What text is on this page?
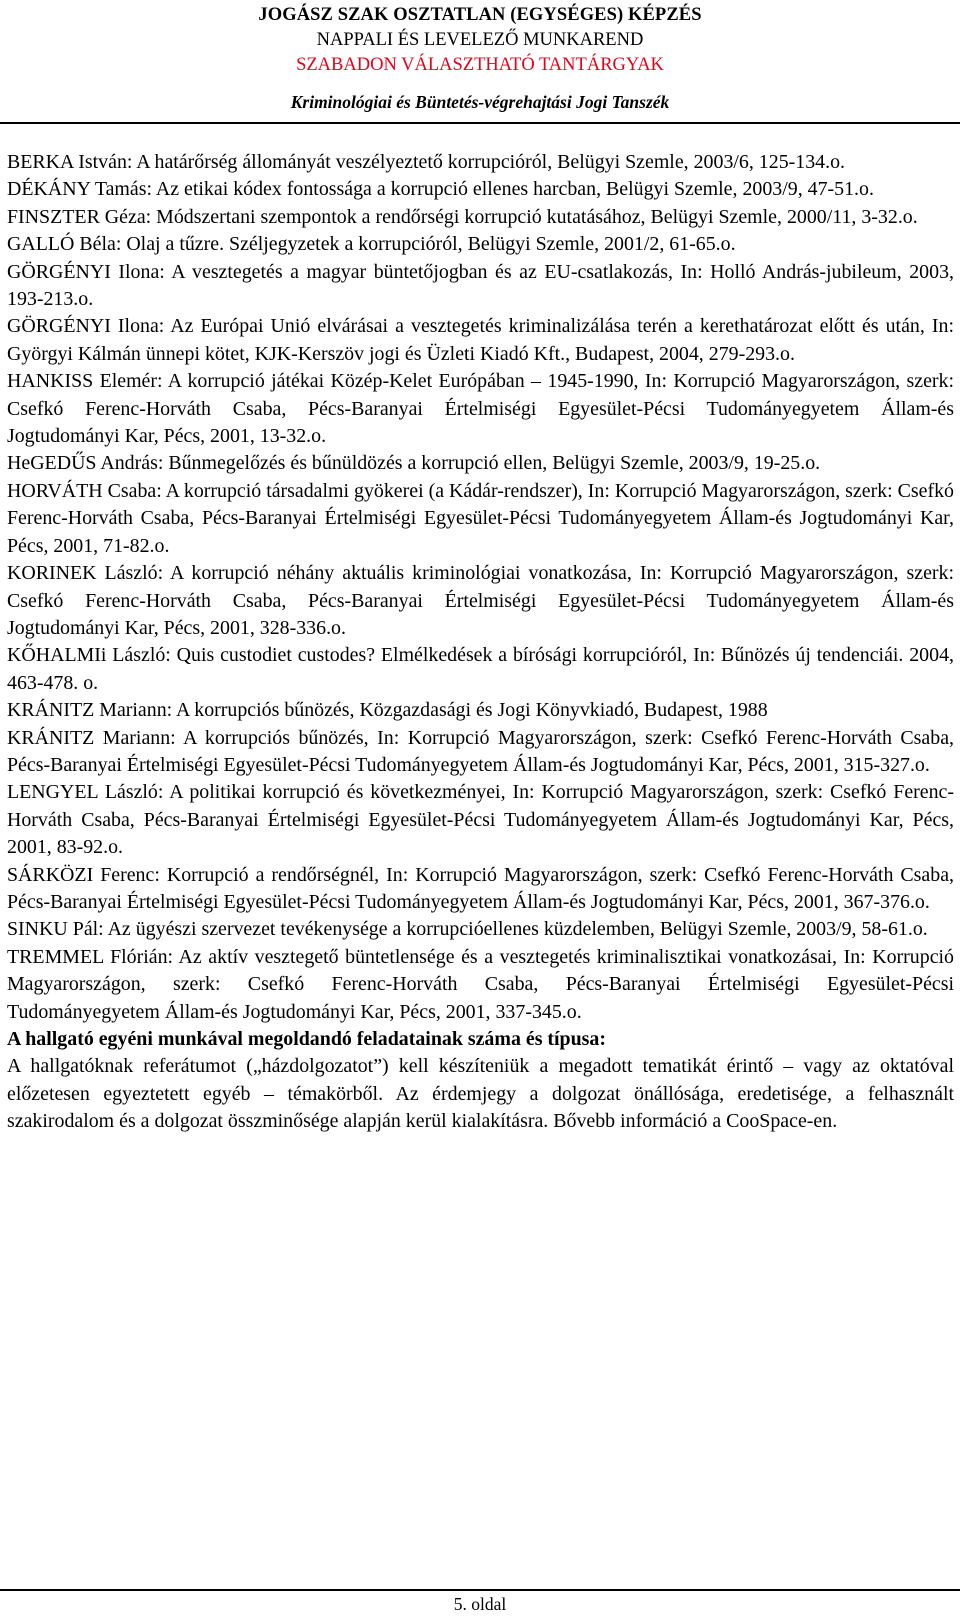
JOGÁSZ SZAK OSZTATLAN (EGYSÉGES) KÉPZÉS
NAPPALI ÉS LEVELEZŐ MUNKAREND
SZABADON VÁLASZTHATÓ TANTÁRGYAK
Kriminológiai és Büntetés-végrehajtási Jogi Tanszék

BERKA István: A határőrség állományát veszélyeztető korrupcióról, Belügyi Szemle, 2003/6, 125-134.o.

DÉKÁNY Tamás: Az etikai kódex fontossága a korrupció ellenes harcban, Belügyi Szemle, 2003/9, 47-51.o.

FINSZTER Géza: Módszertani szempontok a rendőrségi korrupció kutatásához, Belügyi Szemle, 2000/11, 3-32.o.

GALLÓ Béla: Olaj a tűzre. Széljegyzetek a korrupcióról, Belügyi Szemle, 2001/2, 61-65.o.

GÖRGÉNYI Ilona: A vesztegetés a magyar büntetőjogban és az EU-csatlakozás, In: Holló András-jubileum, 2003, 193-213.o.

GÖRGÉNYI Ilona: Az Európai Unió elvárásai a vesztegetés kriminalizálása terén a kerethatározat előtt és után, In: Györgyi Kálmán ünnepi kötet, KJK-Kerszöv jogi és Üzleti Kiadó Kft., Budapest, 2004, 279-293.o.

HANKISS Elemér: A korrupció játékai Közép-Kelet Európában – 1945-1990, In: Korrupció Magyarországon, szerk: Csefkó Ferenc-Horváth Csaba, Pécs-Baranyai Értelmiségi Egyesület-Pécsi Tudományegyetem Állam-és Jogtudományi Kar, Pécs, 2001, 13-32.o.

HeGEDŰS András: Bűnmegelőzés és bűnüldözés a korrupció ellen, Belügyi Szemle, 2003/9, 19-25.o.

HORVÁTH Csaba: A korrupció társadalmi gyökerei (a Kádár-rendszer), In: Korrupció Magyarországon, szerk: Csefkó Ferenc-Horváth Csaba, Pécs-Baranyai Értelmiségi Egyesület-Pécsi Tudományegyetem Állam-és Jogtudományi Kar, Pécs, 2001, 71-82.o.

KORINEK László: A korrupció néhány aktuális kriminológiai vonatkozása, In: Korrupció Magyarországon, szerk: Csefkó Ferenc-Horváth Csaba, Pécs-Baranyai Értelmiségi Egyesület-Pécsi Tudományegyetem Állam-és Jogtudományi Kar, Pécs, 2001, 328-336.o.

KŐHALMIi László: Quis custodiet custodes? Elmélkedések a bírósági korrupcióról, In: Bűnözés új tendenciái. 2004, 463-478. o.

KRÁNITZ Mariann: A korrupciós bűnözés, Közgazdasági és Jogi Könyvkiadó, Budapest, 1988

KRÁNITZ Mariann: A korrupciós bűnözés, In: Korrupció Magyarországon, szerk: Csefkó Ferenc-Horváth Csaba, Pécs-Baranyai Értelmiségi Egyesület-Pécsi Tudományegyetem Állam-és Jogtudományi Kar, Pécs, 2001, 315-327.o.

LENGYEL László: A politikai korrupció és következményei, In: Korrupció Magyarországon, szerk: Csefkó Ferenc-Horváth Csaba, Pécs-Baranyai Értelmiségi Egyesület-Pécsi Tudományegyetem Állam-és Jogtudományi Kar, Pécs, 2001, 83-92.o.

SÁRKÖZI Ferenc: Korrupció a rendőrségnél, In: Korrupció Magyarországon, szerk: Csefkó Ferenc-Horváth Csaba, Pécs-Baranyai Értelmiségi Egyesület-Pécsi Tudományegyetem Állam-és Jogtudományi Kar, Pécs, 2001, 367-376.o.

SINKU Pál: Az ügyészi szervezet tevékenysége a korrupcióellenes küzdelemben, Belügyi Szemle, 2003/9, 58-61.o.

TREMMEL Flórián: Az aktív vesztegető büntetlensége és a vesztegetés kriminalisztikai vonatkozásai, In: Korrupció Magyarországon, szerk: Csefkó Ferenc-Horváth Csaba, Pécs-Baranyai Értelmiségi Egyesület-Pécsi Tudományegyetem Állam-és Jogtudományi Kar, Pécs, 2001, 337-345.o.

A hallgató egyéni munkával megoldandó feladatainak száma és típusa:

A hallgatóknak referátumot („házdolgozatot”) kell készíteniük a megadott tematikát érintő – vagy az oktatóval előzetesen egyeztetett egyéb – témakörből. Az érdemjegy a dolgozat önállósága, eredetisége, a felhasznált szakirodalom és a dolgozat összminősége alapján kerül kialakításra. Bővebb információ a CooSpace-en.

5. oldal
